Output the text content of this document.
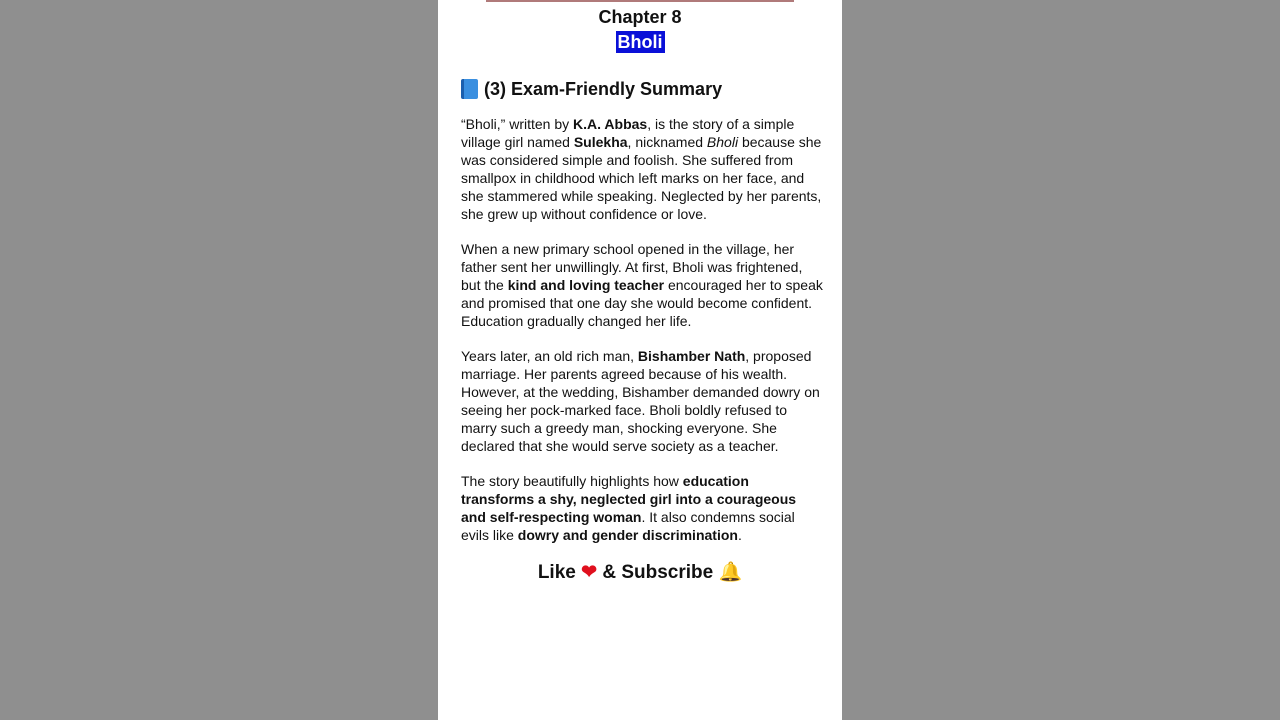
Chapter 8
Bholi
(3) Exam-Friendly Summary

“Bholi,” written by K.A. Abbas, is the story of a simple village girl named Sulekha, nicknamed Bholi because she was considered simple and foolish. She suffered from smallpox in childhood which left marks on her face, and she stammered while speaking. Neglected by her parents, she grew up without confidence or love.

When a new primary school opened in the village, her father sent her unwillingly. At first, Bholi was frightened, but the kind and loving teacher encouraged her to speak and promised that one day she would become confident. Education gradually changed her life.

Years later, an old rich man, Bishamber Nath, proposed marriage. Her parents agreed because of his wealth. However, at the wedding, Bishamber demanded dowry on seeing her pock-marked face. Bholi boldly refused to marry such a greedy man, shocking everyone. She declared that she would serve society as a teacher.

The story beautifully highlights how education transforms a shy, neglected girl into a courageous and self-respecting woman. It also condemns social evils like dowry and gender discrimination.

Like ❤ & Subscribe 🔔
